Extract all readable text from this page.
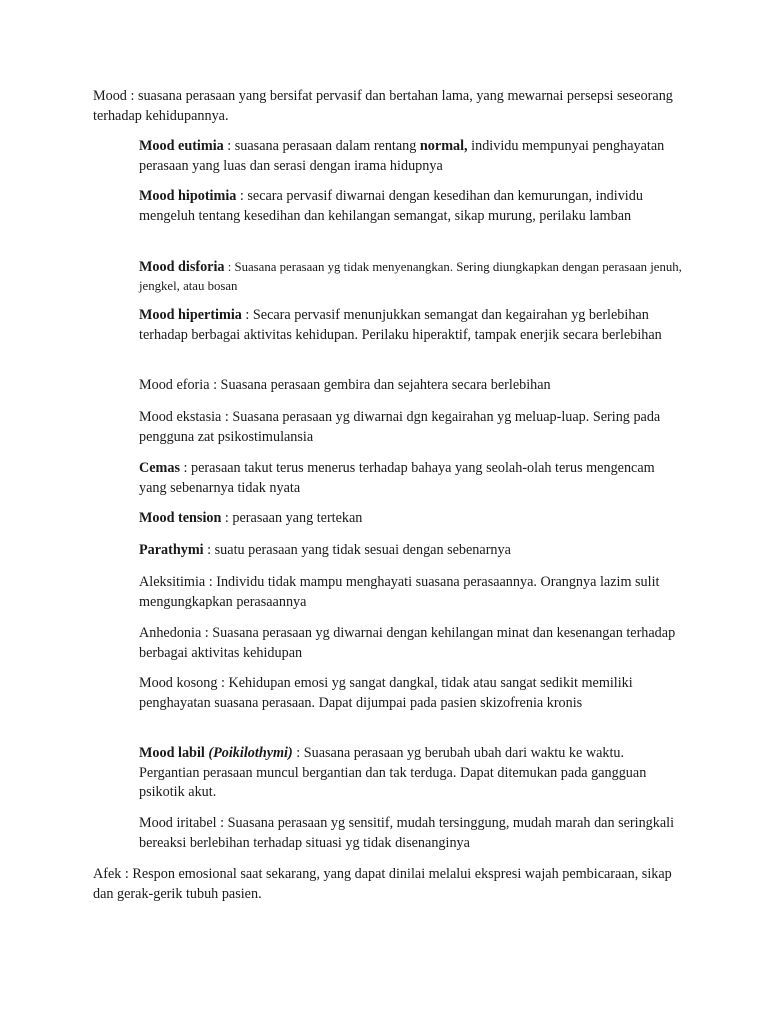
Mood : suasana perasaan yang bersifat pervasif dan bertahan lama, yang mewarnai persepsi seseorang terhadap kehidupannya.

Mood eutimia : suasana perasaan dalam rentang normal, individu mempunyai penghayatan perasaan yang luas dan serasi dengan irama hidupnya

Mood hipotimia : secara pervasif diwarnai dengan kesedihan dan kemurungan, individu mengeluh tentang kesedihan dan kehilangan semangat, sikap murung, perilaku lamban

Mood disforia : Suasana perasaan yg tidak menyenangkan. Sering diungkapkan dengan perasaan jenuh, jengkel, atau bosan

Mood hipertimia : Secara pervasif menunjukkan semangat dan kegairahan yg berlebihan terhadap berbagai aktivitas kehidupan. Perilaku hiperaktif, tampak enerjik secara berlebihan

Mood eforia : Suasana perasaan gembira dan sejahtera secara berlebihan

Mood ekstasia : Suasana perasaan yg diwarnai dgn kegairahan yg meluap-luap. Sering pada pengguna zat psikostimulansia

Cemas : perasaan takut terus menerus terhadap bahaya yang seolah-olah terus mengencam yang sebenarnya tidak nyata

Mood tension : perasaan yang tertekan

Parathymi : suatu perasaan yang tidak sesuai dengan sebenarnya

Aleksitimia : Individu tidak mampu menghayati suasana perasaannya. Orangnya lazim sulit mengungkapkan perasaannya

Anhedonia : Suasana perasaan yg diwarnai dengan kehilangan minat dan kesenangan terhadap berbagai aktivitas kehidupan

Mood kosong : Kehidupan emosi yg sangat dangkal, tidak atau sangat sedikit memiliki penghayatan suasana perasaan. Dapat dijumpai pada pasien skizofrenia kronis

Mood labil (Poikilothymi) : Suasana perasaan yg berubah ubah dari waktu ke waktu. Pergantian perasaan muncul bergantian dan tak terduga. Dapat ditemukan pada gangguan psikotik akut.

Mood iritabel : Suasana perasaan yg sensitif, mudah tersinggung, mudah marah dan seringkali bereaksi berlebihan terhadap situasi yg tidak disenanginya

Afek : Respon emosional saat sekarang, yang dapat dinilai melalui ekspresi wajah pembicaraan, sikap dan gerak-gerik tubuh pasien.
